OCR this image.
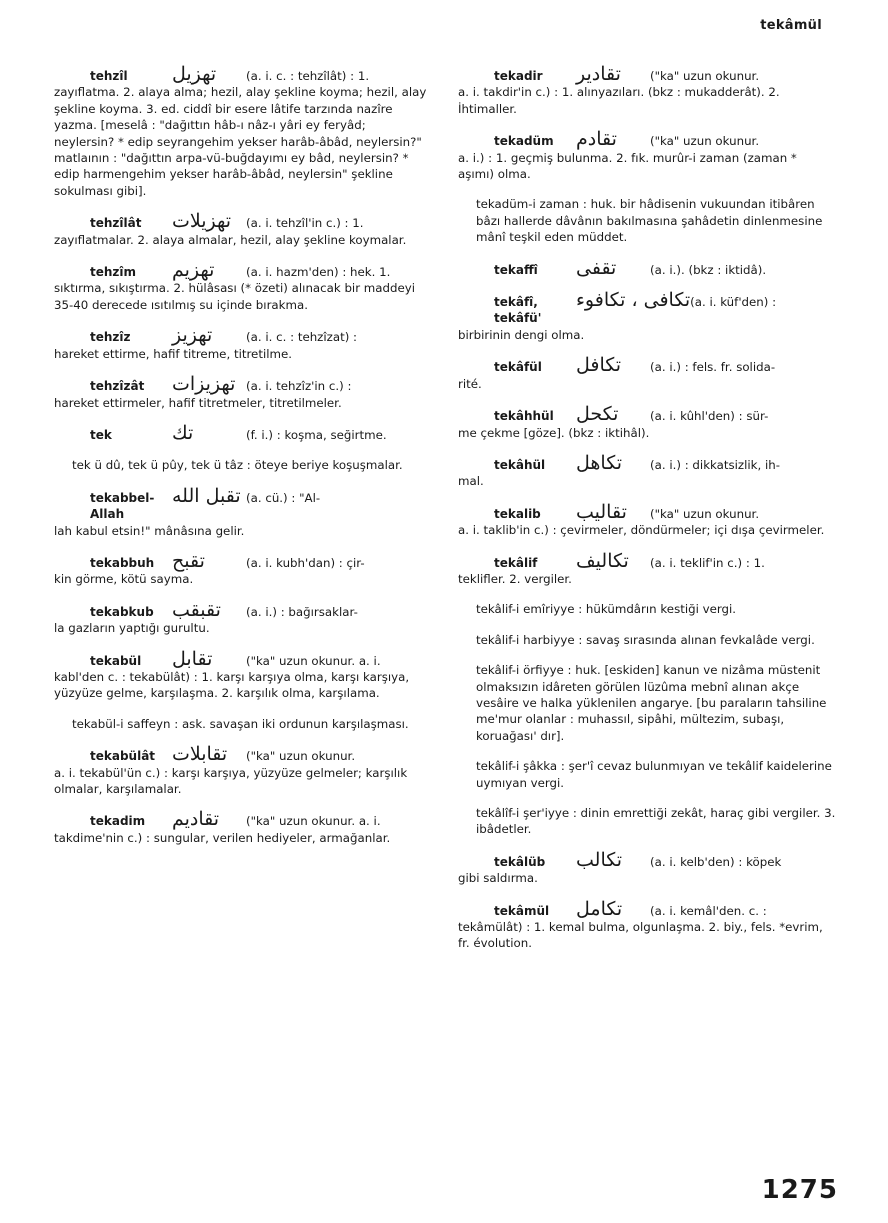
tekâmül
tehzîl	تهزيل	(a. i. c. : tehzîlât) : 1.

zayıflatma. 2. alaya alma; hezil, alay şekline koyma; hezil, alay şekline koyma. 3. ed. ciddî bir esere lâtife tarzında nazîre yazma. [meselâ : "dağıttın hâb-ı nâz-ı yâri ey feryâd; neylersin? * edip seyrangehim yekser harâb-âbâd, neylersin?" matlaının : "dağıttın arpa-vü-buğdayımı ey bâd, neylersin? * edip harmengehim yekser harâb-âbâd, neylersin" şekline sokulması gibi].

tehzîlât	تهزيلات	(a. i. tehzîl'in c.) : 1.

zayıflatmalar. 2. alaya almalar, hezil, alay şekline koymalar.

tehzîm	تهزيم	(a. i. hazm'den) : hek. 1.

sıktırma, sıkıştırma. 2. hülâsası (* özeti) alınacak bir maddeyi 35-40 derecede ısıtılmış su içinde bırakma.

tehzîz	تهزيز	(a. i. c. : tehzîzat) :

hareket ettirme, hafif titreme, titretilme.

tehzîzât	تهزيزات (a. i. tehzîz'in c.) :

hareket ettirmeler, hafif titretmeler, titretilmeler.

tek	تك	(f. i.) : koşma, seğirtme.

tek ü dû, tek ü pûy, tek ü tâz : öteye beriye koşuşmalar.

tekabbel-Allah
تقبل الله (a. cü.) : "Al-

lah kabul etsin!" mânâsına gelir.

tekabbuh تقبح	(a. i. kubh'dan) : çir-

kin görme, kötü sayma.

tekabkub تقبقب	(a. i.) : bağırsaklar-

la gazların yaptığı gurultu.

tekabül	تقابل	("ka" uzun okunur. a. i.

kabl'den c. : tekabülât) : 1. karşı karşıya olma, karşı karşıya, yüzyüze gelme, karşılaşma. 2. karşılık olma, karşılama.

tekabül-i saffeyn : ask. savaşan iki ordunun karşılaşması.

tekabülât تقابلات	("ka" uzun okunur.

a. i. tekabül'ün c.) : karşı karşıya, yüzyüze gelmeler; karşılık olmalar, karşılamalar.

tekadim	تقاديم	("ka" uzun okunur. a. i.

takdime'nin c.) : sungular, verilen hediyeler, armağanlar.

tekadir	تقادير	("ka" uzun okunur.

a. i. takdir'in c.) : 1. alınyazıları. (bkz : mukadderât). 2. İhtimaller.

tekadüm	تقادم	("ka" uzun okunur.

a. i.) : 1. geçmiş bulunma. 2. fık. murûr-i zaman (zaman * aşımı) olma.

tekadüm-i zaman : huk. bir hâdisenin vukuundan itibâren bâzı hallerde dâvânın bakılmasına şahâdetin dinlenmesine mânî teşkil eden müddet.

tekaffî	تقفى	(a. i.). (bkz : iktidâ).
tekâfî, tekâfü'
تكافى ، تكافوء (a. i. küf'den) :

birbirinin dengi olma.

tekâfül	تكافل	(a. i.) : fels. fr. solida-

rité.

tekâhhül	تكحل	(a. i. kûhl'den) : sür-

me çekme [göze]. (bkz : iktihâl).

tekâhül	تكاهل	(a. i.) : dikkatsizlik, ih-

mal.

tekalib	تقاليب	("ka" uzun okunur.

a. i. taklib'in c.) : çevirmeler, döndürmeler; içi dışa çevirmeler.

tekâlif	تكاليف	(a. i. teklif'in c.) : 1.

teklifler. 2. vergiler.

tekâlif-i emîriyye : hükümdârın kestiği vergi.

tekâlif-i harbiyye : savaş sırasında alınan fevkalâde vergi.

tekâlif-i örfiyye : huk. [eskiden] kanun ve nizâma müstenit olmaksızın idâreten görülen lüzûma mebnî alınan akçe vesâire ve halka yüklenilen angarye. [bu paraların tahsiline me'mur olanlar : muhassıl, sipâhi, mültezim, subaşı, koruağası' dır].

tekâlif-i şâkka : şer'î cevaz bulunmıyan ve tekâlif kaidelerine uymıyan vergi.

tekâlîf-i şer'iyye : dinin emrettiği zekât, haraç gibi vergiler. 3. ibâdetler.

tekâlüb	تكالب	(a. i. kelb'den) : köpek

gibi saldırma.

tekâmül	تكامل	(a. i. kemâl'den. c. :

tekâmülât) : 1. kemal bulma, olgunlaşma. 2. biy., fels. *evrim, fr. évolution.

1275
